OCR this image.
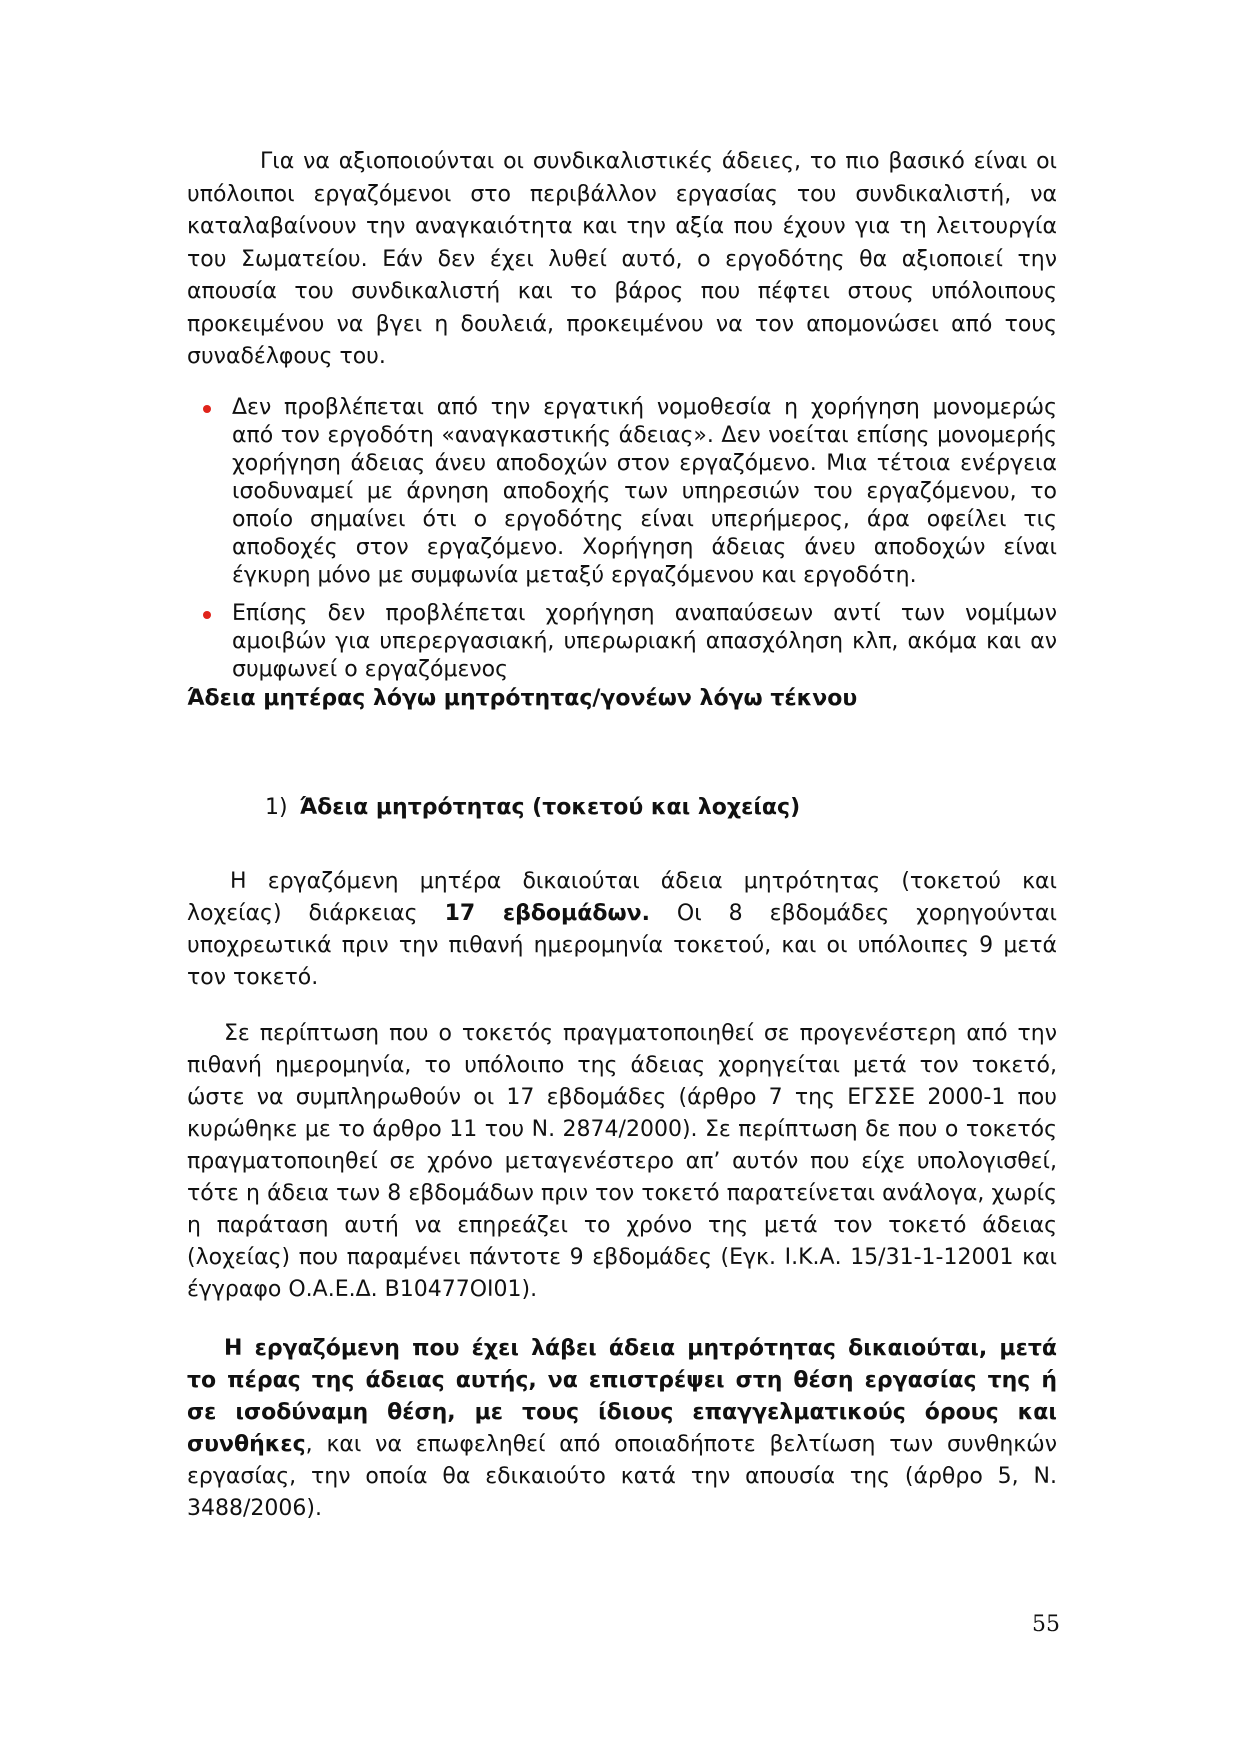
Για να αξιοποιούνται οι συνδικαλιστικές άδειες, το πιο βασικό είναι οι υπόλοιποι εργαζόμενοι στο περιβάλλον εργασίας του συνδικαλιστή, να καταλαβαίνουν την αναγκαιότητα και την αξία που έχουν για τη λειτουργία του Σωματείου. Εάν δεν έχει λυθεί αυτό, ο εργοδότης θα αξιοποιεί την απουσία του συνδικαλιστή και το βάρος που πέφτει στους υπόλοιπους προκειμένου να βγει η δουλειά, προκειμένου να τον απομονώσει από τους συναδέλφους του.

Δεν προβλέπεται από την εργατική νομοθεσία η χορήγηση μονομερώς από τον εργοδότη «αναγκαστικής άδειας». Δεν νοείται επίσης μονομερής χορήγηση άδειας άνευ αποδοχών στον εργαζόμενο. Μια τέτοια ενέργεια ισοδυναμεί με άρνηση αποδοχής των υπηρεσιών του εργαζόμενου, το οποίο σημαίνει ότι ο εργοδότης είναι υπερήμερος, άρα οφείλει τις αποδοχές στον εργαζόμενο. Χορήγηση άδειας άνευ αποδοχών είναι έγκυρη μόνο με συμφωνία μεταξύ εργαζόμενου και εργοδότη.
Επίσης δεν προβλέπεται χορήγηση αναπαύσεων αντί των νομίμων αμοιβών για υπερεργασιακή, υπερωριακή απασχόληση κλπ, ακόμα και αν συμφωνεί ο εργαζόμενος

Άδεια μητέρας λόγω μητρότητας/γονέων λόγω τέκνου

1) Άδεια μητρότητας (τοκετού και λοχείας)

Η εργαζόμενη μητέρα δικαιούται άδεια μητρότητας (τοκετού και λοχείας) διάρκειας 17 εβδομάδων. Οι 8 εβδομάδες χορηγούνται υποχρεωτικά πριν την πιθανή ημερομηνία τοκετού, και οι υπόλοιπες 9 μετά τον τοκετό.

Σε περίπτωση που ο τοκετός πραγματοποιηθεί σε προγενέστερη από την πιθανή ημερομηνία, το υπόλοιπο της άδειας χορηγείται μετά τον τοκετό, ώστε να συμπληρωθούν οι 17 εβδομάδες (άρθρο 7 της ΕΓΣΣΕ 2000-1 που κυρώθηκε με το άρθρο 11 του Ν. 2874/2000). Σε περίπτωση δε που ο τοκετός πραγματοποιηθεί σε χρόνο μεταγενέστερο απ’ αυτόν που είχε υπολογισθεί, τότε η άδεια των 8 εβδομάδων πριν τον τοκετό παρατείνεται ανάλογα, χωρίς η παράταση αυτή να επηρεάζει το χρόνο της μετά τον τοκετό άδειας (λοχείας) που παραμένει πάντοτε 9 εβδομάδες (Εγκ. Ι.Κ.Α. 15/31-1-12001 και έγγραφο Ο.Α.Ε.Δ. Β10477ΟΙ01).

Η εργαζόμενη που έχει λάβει άδεια μητρότητας δικαιούται, μετά το πέρας της άδειας αυτής, να επιστρέψει στη θέση εργασίας της ή σε ισοδύναμη θέση, με τους ίδιους επαγγελματικούς όρους και συνθήκες, και να επωφεληθεί από οποιαδήποτε βελτίωση των συνθηκών εργασίας, την οποία θα εδικαιούτο κατά την απουσία της (άρθρο 5, Ν. 3488/2006).

55
